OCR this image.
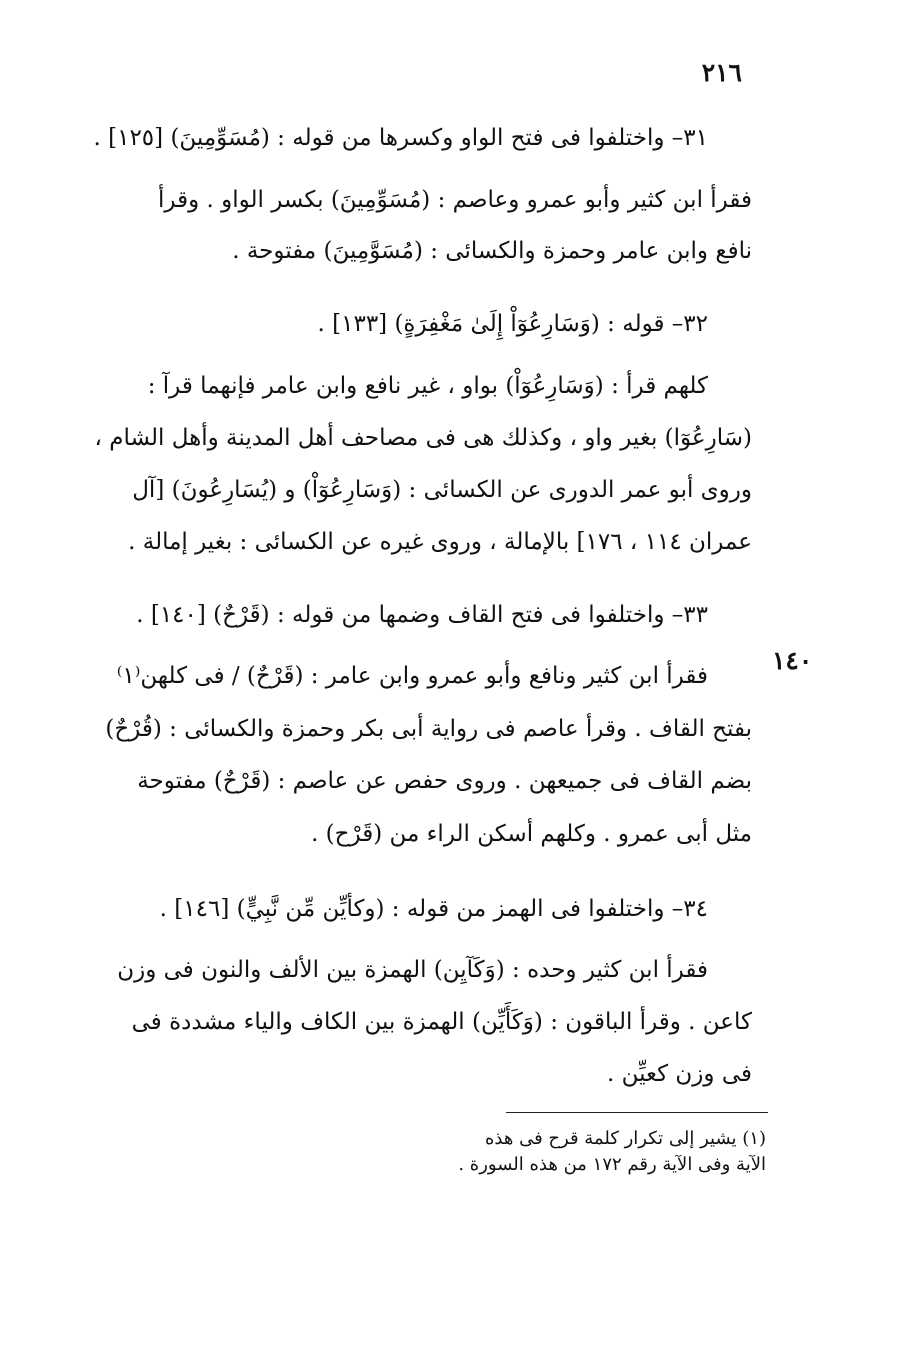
٢١٦
٣١– واختلفوا فى فتح الواو وكسرها من قوله : (مُسَوِّمِينَ) [١٢٥] .
فقرأ ابن كثير وأبو عمرو وعاصم : (مُسَوِّمِينَ) بكسر الواو . وقرأ
نافع وابن عامر وحمزة والكسائى : (مُسَوَّمِينَ) مفتوحة .
٣٢– قوله : (وَسَارِعُوٓاْ إِلَىٰ مَغْفِرَةٍ) [١٣٣] .
كلهم قرأ : (وَسَارِعُوٓاْ) بواو ، غير نافع وابن عامر فإنهما قرآ :
(سَارِعُوٓا) بغير واو ، وكذلك هى فى مصاحف أهل المدينة وأهل الشام ،
وروى أبو عمر الدورى عن الكسائى : (وَسَارِعُوٓاْ) و (يُسَارِعُونَ) [آل
عمران ١١٤ ، ١٧٦] بالإمالة ، وروى غيره عن الكسائى : بغير إمالة .
٣٣– واختلفوا فى فتح القاف وضمها من قوله : (قَرْحٌ) [١٤٠] .
١٤٠
فقرأ ابن كثير ونافع وأبو عمرو وابن عامر : (قَرْحٌ) / فى كلهن⁽١⁾
بفتح القاف . وقرأ عاصم فى رواية أبى بكر وحمزة والكسائى : (قُرْحٌ)
بضم القاف فى جميعهن . وروى حفص عن عاصم : (قَرْحٌ) مفتوحة
مثل أبى عمرو . وكلهم أسكن الراء من (قَرْح) .
٣٤– واختلفوا فى الهمز من قوله : (وكأيِّن مِّن نَّبِيٍّ) [١٤٦] .
فقرأ ابن كثير وحده : (وَكَآيِن) الهمزة بين الألف والنون فى وزن
كاعن . وقرأ الباقون : (وَكَأَيِّن) الهمزة بين الكاف والياء مشددة فى
فى وزن كعيِّن .
(١) يشير إلى تكرار كلمة قرح فى هذه
الآية وفى الآية رقم ١٧٢ من هذه السورة .
